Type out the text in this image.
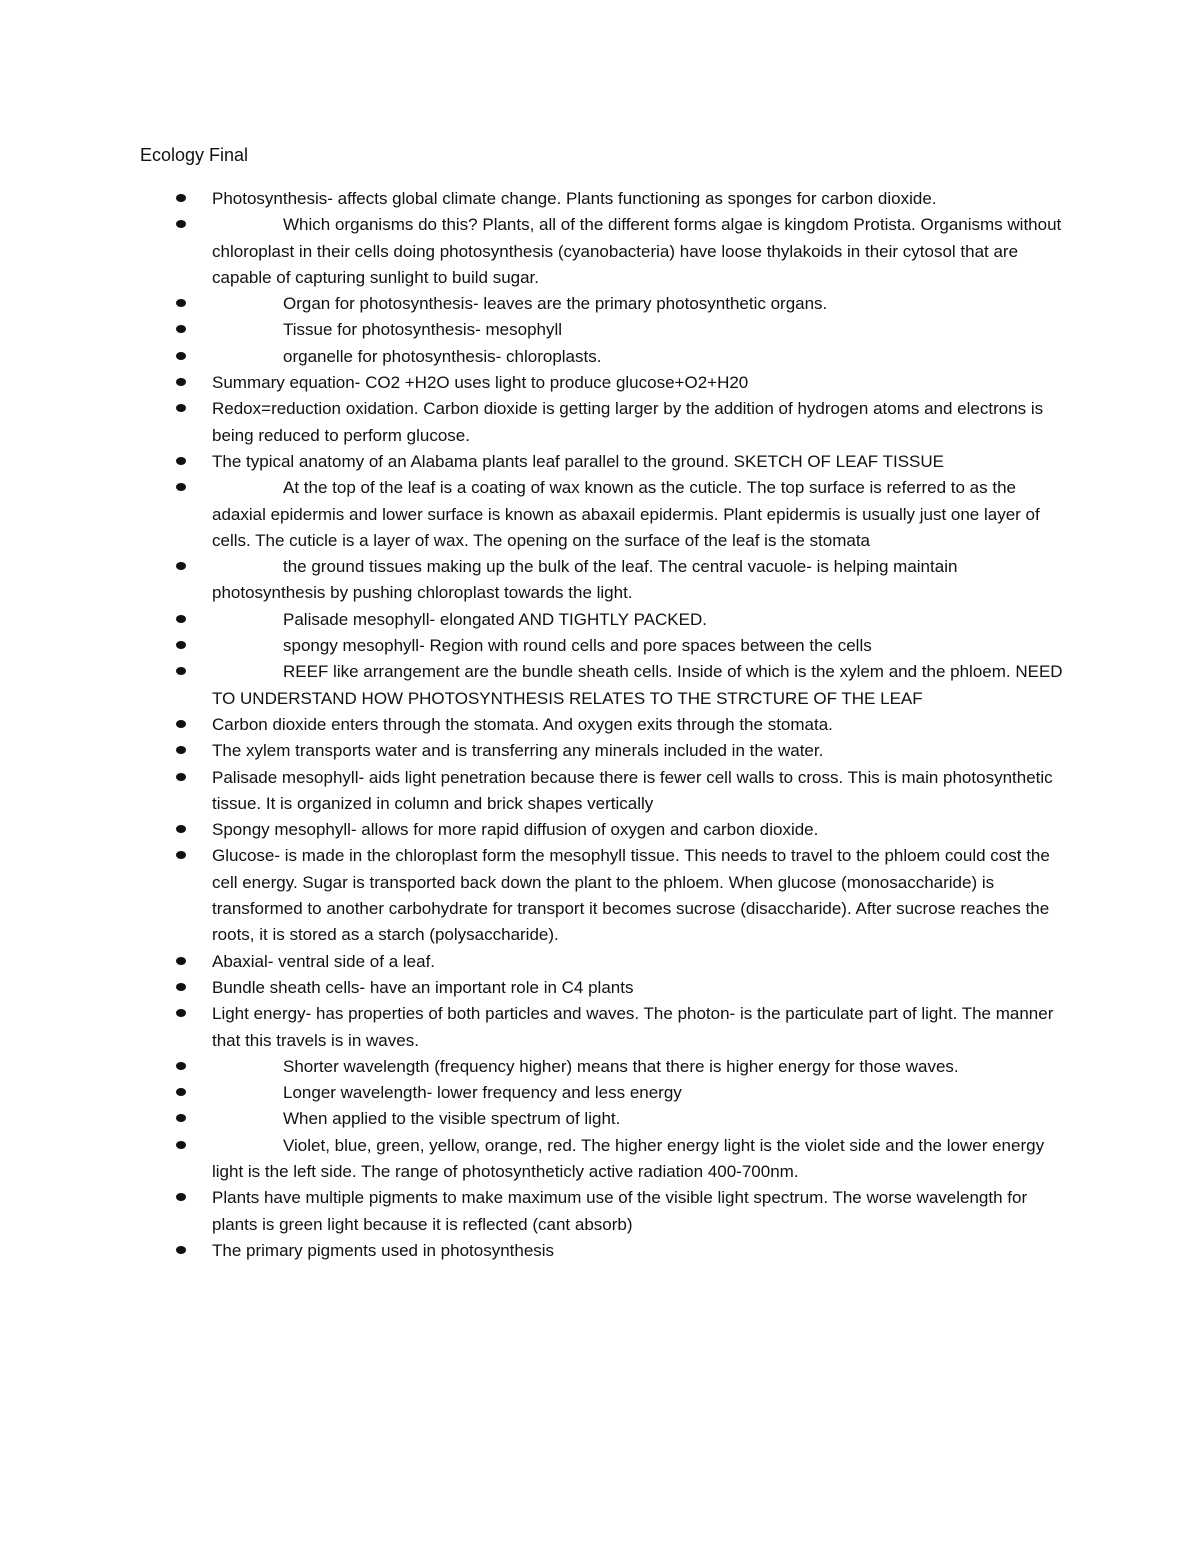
Ecology Final
Photosynthesis- affects global climate change. Plants functioning as sponges for carbon dioxide.
Which organisms do this? Plants, all of the different forms algae is kingdom Protista. Organisms without chloroplast in their cells doing photosynthesis (cyanobacteria) have loose thylakoids in their cytosol that are capable of capturing sunlight to build sugar.
Organ for photosynthesis- leaves are the primary photosynthetic organs.
Tissue for photosynthesis- mesophyll
organelle for photosynthesis- chloroplasts.
Summary equation- CO2 +H2O uses light to produce glucose+O2+H20
Redox=reduction oxidation. Carbon dioxide is getting larger by the addition of hydrogen atoms and electrons is being reduced to perform glucose.
The typical anatomy of an Alabama plants leaf parallel to the ground. SKETCH OF LEAF TISSUE
At the top of the leaf is a coating of wax known as the cuticle. The top surface is referred to as the adaxial epidermis and lower surface is known as abaxail epidermis. Plant epidermis is usually just one layer of cells. The cuticle is a layer of wax. The opening on the surface of the leaf is the stomata
the ground tissues making up the bulk of the leaf. The central vacuole- is helping maintain photosynthesis by pushing chloroplast towards the light.
Palisade mesophyll- elongated AND TIGHTLY PACKED.
spongy mesophyll- Region with round cells and pore spaces between the cells
REEF like arrangement are the bundle sheath cells. Inside of which is the xylem and the phloem. NEED TO UNDERSTAND HOW PHOTOSYNTHESIS RELATES TO THE STRCTURE OF THE LEAF
Carbon dioxide enters through the stomata. And oxygen exits through the stomata.
The xylem transports water and is transferring any minerals included in the water.
Palisade mesophyll- aids light penetration because there is fewer cell walls to cross. This is main photosynthetic tissue. It is organized in column and brick shapes vertically
Spongy mesophyll- allows for more rapid diffusion of oxygen and carbon dioxide.
Glucose- is made in the chloroplast form the mesophyll tissue. This needs to travel to the phloem could cost the cell energy. Sugar is transported back down the plant to the phloem. When glucose (monosaccharide) is transformed to another carbohydrate for transport it becomes sucrose (disaccharide). After sucrose reaches the roots, it is stored as a starch (polysaccharide).
Abaxial- ventral side of a leaf.
Bundle sheath cells- have an important role in C4 plants
Light energy- has properties of both particles and waves. The photon- is the particulate part of light. The manner that this travels is in waves.
Shorter wavelength (frequency higher) means that there is higher energy for those waves.
Longer wavelength- lower frequency and less energy
When applied to the visible spectrum of light.
Violet, blue, green, yellow, orange, red. The higher energy light is the violet side and the lower energy light is the left side. The range of photosyntheticly active radiation 400-700nm.
Plants have multiple pigments to make maximum use of the visible light spectrum. The worse wavelength for plants is green light because it is reflected (cant absorb)
The primary pigments used in photosynthesis
